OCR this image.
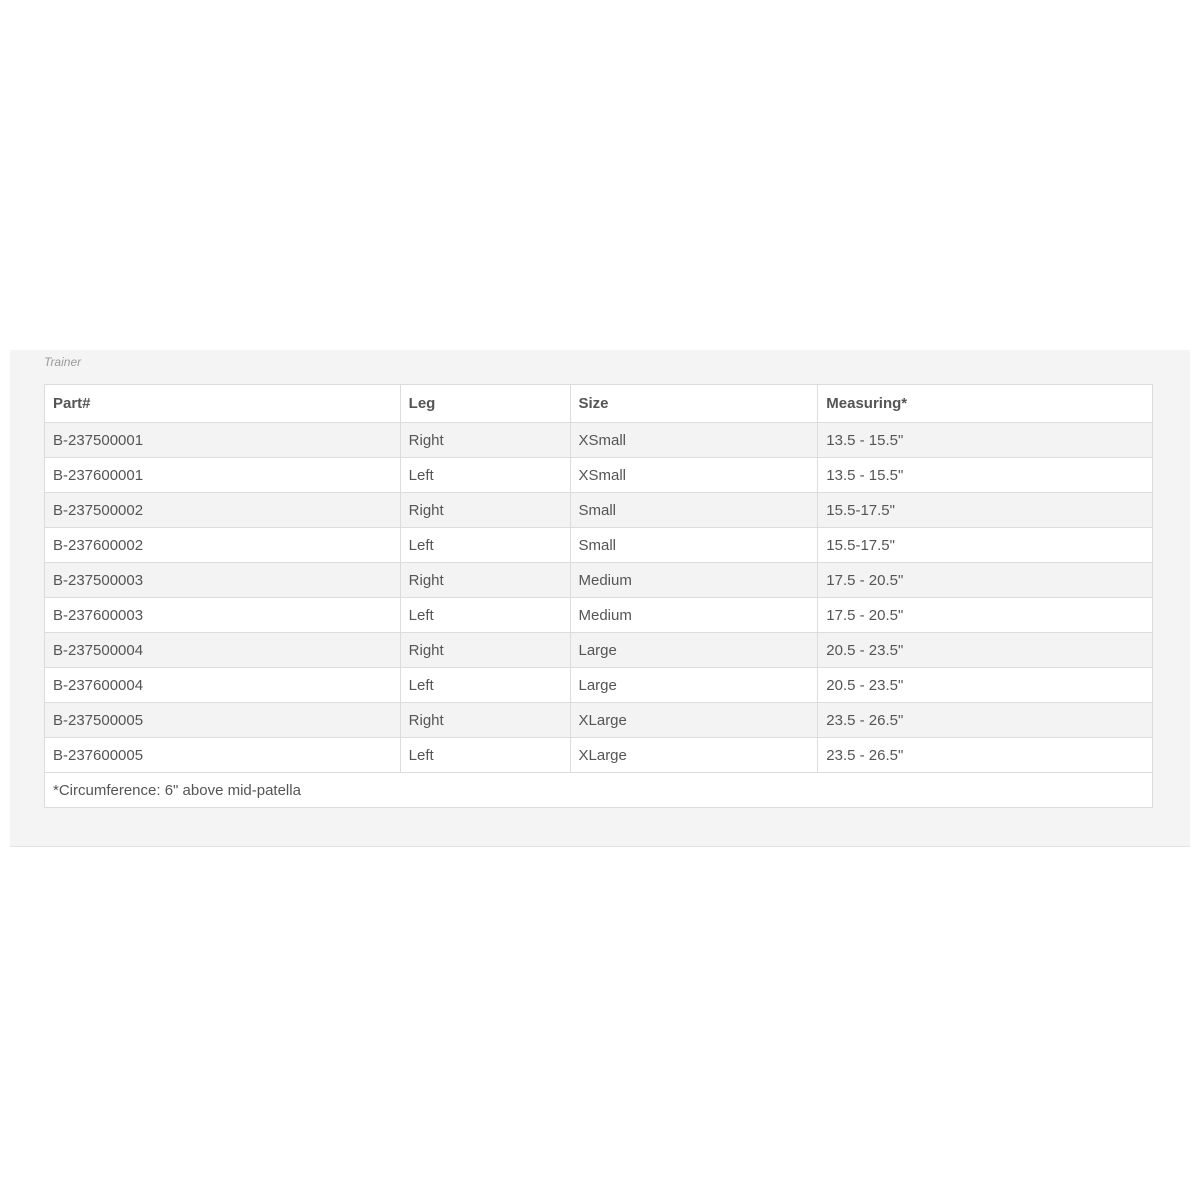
Trainer
Part#	Leg	Size	Measuring*
B-237500001	Right	XSmall	13.5 - 15.5"
B-237600001	Left	XSmall	13.5 - 15.5"
B-237500002	Right	Small	15.5-17.5"
B-237600002	Left	Small	15.5-17.5"
B-237500003	Right	Medium	17.5 - 20.5"
B-237600003	Left	Medium	17.5 - 20.5"
B-237500004	Right	Large	20.5 - 23.5"
B-237600004	Left	Large	20.5 - 23.5"
B-237500005	Right	XLarge	23.5 - 26.5"
B-237600005	Left	XLarge	23.5 - 26.5"
*Circumference: 6" above mid-patella			
